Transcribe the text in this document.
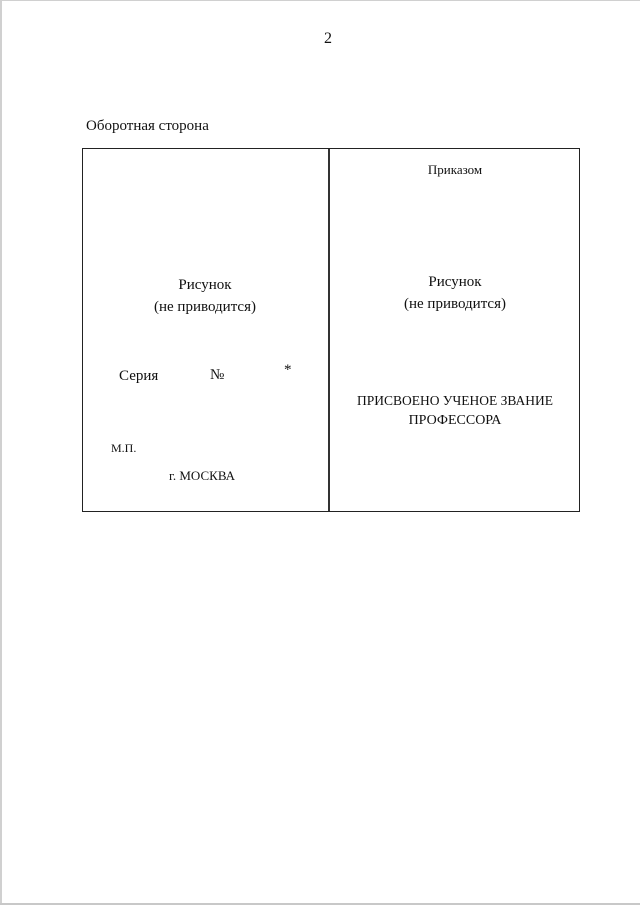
2
Оборотная сторона
Рисунок
(не приводится)
Серия	№	*
М.П.
г. МОСКВА
Приказом
Рисунок
(не приводится)
ПРИСВОЕНО УЧЕНОЕ ЗВАНИЕ
ПРОФЕССОРА
